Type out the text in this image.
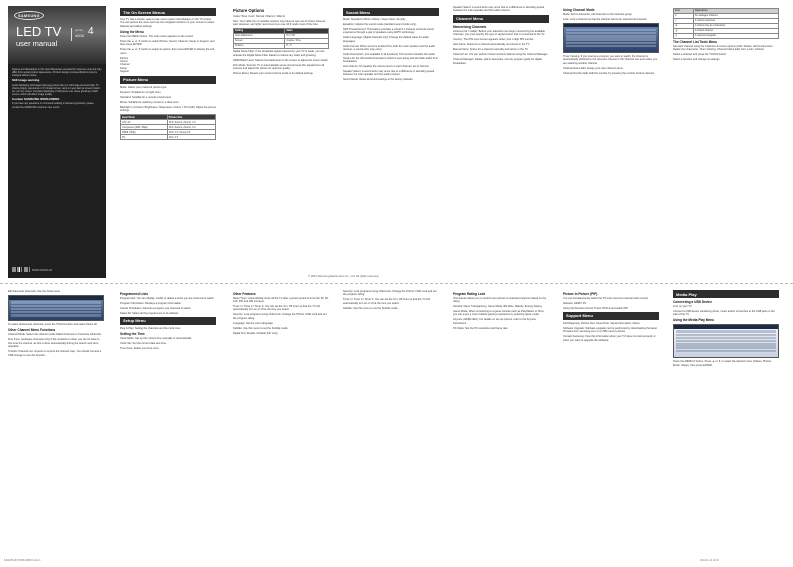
SAMSUNG
LED TV
user manual
series 4
4005

Figures and illustrations in this User Manual are provided for reference only and may differ from actual product appearance. Product design and specifications may be changed without notice.

Still image warning

Avoid displaying still images (like jpeg picture files) or still image elements (like TV channel logos, panorama or 4:3 image format, stock or news bars at screen bottom etc.) on the screen. Constant displaying of still picture can cause ghosting of LED screen, which will affect image quality.

Contact SAMSUNG WORLDWIDE

If you have any questions or comments relating to Samsung products, please contact the SAMSUNG customer care centre.

BN68-04815A-00
The On Screen Menus

Your TV has a simple, easy-to-use menu system that displays on the TV screen. You can access the menu and use the navigation buttons on your remote to select features and adjust settings.

Using the Menu

Press the MENU button. The main menu appears on the screen.

Press the ▲ or ▼ button to select Picture, Sound, Channel, Setup or Support, and then press ENTER.

Press the ▲ or ▼ button to select an option, then press ENTER to display the sub-menu.

Picture
Sound
Channel
Setup
Support
Picture Menu

Mode: Select your preferred picture type.

Dynamic: Suitable for a bright room.

Standard: Suitable for a normal environment.

Movie: Suitable for watching movies in a dark room.

Backlight / Contrast / Brightness / Sharpness / Colour / Tint (G/R): Adjust the picture settings.

Input Mode	Picture Size
ATV, AV	16:9, Zoom1, Zoom2, 4:3
Component (480i, 480p)	16:9, Zoom1, Zoom2, 4:3
HDMI (720p)	16:9, 4:3, Screen Fit
PC	16:9, 4:3
Picture Options

Colour Tone: Cool / Normal / Warm1 / Warm2

Size: Your cable box or satellite receiver may have its own set of screen sizes as well. However, we highly recommend you use 16:9 mode most of the time.

Setting	Value
Auto Adjustment	On / Off
Screen	Coarse / Fine
Position	H / V

Digital Noise Filter: If the broadcast signal received by your TV is weak, you can activate the Digital Noise Filter feature to reduce any static and ghosting.

HDMI Black Level: Selects the black level on the screen to adjust the screen depth.

Film Mode: Sets the TV to automatically sense and process film signals from all sources and adjust the picture for optimum quality.

Picture Reset: Resets your current picture mode to its default settings.

Sound Menu

Mode: Standard / Music / Movie / Clear Voice / Amplify

Equalizer: Adjusts the sound mode (standard sound mode only).

SRS TheaterSound: This feature provides a virtual 5.1 channel surround sound experience through a pair of speakers using HRTF technology.

Audio Language: (digital channels only) Change the default value for audio languages.

Audio Format: When sound is emitted from both the main speaker and the audio receiver, a sound echo may occur.

Audio Description: (not available in all locations) This function handles the Audio Stream for the AD (Audio Description) which is sent along with the Main audio from broadcaster.

Auto Volume: To equalize the volume level on each channel, set to Normal.

Speaker Select: A sound echo may occur due to a difference in decoding speed between the main speaker and the audio receiver.

Sound Reset: Reset all sound settings to the factory defaults.

Speaker Select: A sound echo may occur due to a difference in decoding speed between the main speaker and the audio receiver.

Channel Menu
Memorising Channels

Antenna (Air / Cable): Before your television can begin memorizing the available channels, you must specify the type of signal source that is connected to the TV.

Country: The PIN input screen appears. Enter your 4 digit PIN number.

Auto Store: Scans for a channel automatically and stores in the TV.

Manual Store: Scans for a channel manually and stores in the TV.

Channel List: You can perform these functions without using the Channel Manager.

Channel Manager: Delete, add to favourites, use the program guide for digital broadcasts.

Using Channel Mode

Mode: Add to Favourite, edit channels to the favourite group.

Lock: Lock a channel so that the channel cannot be selected and viewed.

Timer Viewing: If you reserve a program you want to watch, the channel is automatically switched to the reserved channel in the Channel List even when you are watching another channel.

Channel Name Edit: Assign your own channel name.

Channel Number Edit: Edit the number by pressing the number buttons desired.

Icon	Operations
A	An analogue channel.
✓	A channel selected.
★	A channel set as a Favourite.
🔒	A locked channel.
◷	A reserved program.
The Channel List Tools Menu

Set each channel using the Channel List menu options (Add / Delete, Add to Favourite / Delete from Favourite, Timer Viewing, Channel Name Edit, Sort, Lock / Unlock).

Select a channel and press the TOOLS button.

Select a function and change its settings.

© 2011 Samsung Electronics Co., Ltd. All rights reserved.

Edit Favourite Channels: Use the Tools menu.

To select all favourite channels, press the TOOLS button and select Select All.

Other Channel Menu Functions

Channel Mode: Select the channel mode Added Channels or Favourite Channels.

Fine Tune: (analogue channels only) If the reception is clear, you do not have to fine tune the channel, as this is done automatically during the search and store operation.

Transfer Channel List: Imports or exports the channel map. You should connect a USB storage to use this function.

Programmed Lists

Programmed: You can display, modify or delete a show you are reserved to watch.

Program Information: Displays a program information.

Cancel Schedules: Cancels a program you reserved to watch.

Select All: Select all the programmes to be deleted.

Setup Menu

Plug & Play: Setting the channels and the clock time.

Setting the Time

Clock Mode: Set up the current time manually or automatically.

Clock Set: Set the current date and time.

Time Zone: Select your time zone.

Other Features

Sleep Timer: Automatically shuts off the TV after a preset period of time (30, 60, 90, 120, 150 and 180 minutes).

Timer 1 / Timer 2 / Timer 3: You can set the On / Off timer so that the TV will automatically turn on or off at the time you select.

Security: Lock programs using Child Lock. Change the PIN for Child Lock and set the program rating.

Language: Set the menu language.

Subtitle: Use this menu to set the Subtitle mode.

Digital Text: Enable / Disable (UK only).

Security: Lock programs using Child Lock. Change the PIN for Child Lock and set the program rating.

Timer 1 / Timer 2 / Timer 3: You can set the On / Off timer so that the TV will automatically turn on or off at the time you select.

Subtitle: Use this menu to set the Subtitle mode.

Program Rating Lock

This feature allows you to restrict user access to selected programs based on the rating.

General: Menu Transparency, Game Mode, BD Wise, Melody, Energy Saving.

Game Mode: When connecting to a game console such as PlayStation or Xbox, you can enjoy a more realistic gaming experience by selecting game mode.

Anynet+ (HDMI-CEC): For details on set up options, refer to the Anynet+ instructions.

PC Mode: Set the PC resolution and frame rate.

Picture In Picture (PIP)

You can simultaneously watch the TV tuner and one external video source.

Network: HDMI / PC.

Using the Remote Control: Press TOOLS and select PIP.

Support Menu

Self Diagnosis: Picture Test, Sound Test, Signal Information, Reset.

Software Upgrade: Software upgrade can be performed by downloading the latest firmware from samsung.com to a USB memory device.

Contact Samsung: View this information when your TV does not work properly or when you want to upgrade the software.

Media Play
Connecting a USB Device

Turn on your TV.

Connect a USB device containing photo, music and/or movie files to the USB jack on the side of the TV.

Using the Media Play Menu

Press the MEDIA.P button. Press ▲ or ▼ to select the desired menu (Videos, Photos, Music, Setup), then press ENTER.

[UE4005-ZF] BN68-03815A.indd 1	2011-01-12 12:00
